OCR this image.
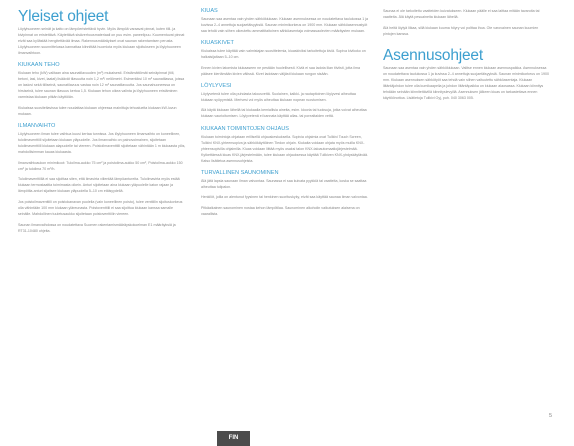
Yleiset ohjeet

Löylyhuoneen seinät ja katto on lämpöeristettävä hyvin. Myös lämpöä varaavat pinnat, kuten tiili- ja kivipinnat on eristettävä. Käytettävä sisäverhousmateriaali on puu esim. paneelipuu. Kuumentuvat pinnat eivät saa kyllästää hengitettävää ilmaa. Rakennusmääräykset ovat saunan rakentamisen perusta. Löylyhuoneen suunnittelussa kannattaa kiinnittää huomiota myös kiukaan sijoitukseen ja löylyhuoneen ilmanvaihtoon.

KIUKAAN TEHO

Kiukaan teho (kW) valitaan aina saunatilavuuden (m³) mukaisesti. Eristämättömät seinäpinnat (tiili, betoni, lasi, kivet, laatat) lisäävät tilavuutta noin 1,2 m³/ neliömetri. Esimerkiksi 10 m³ saunatilassa, joissa on lasiovi sekä tiiliseinä, saunatilavuus vastaa noin 12 m³ saunatilavuutta. Jos saunahuoneessa on hirsiseinä, tulee saunan tilavuus kertoa 1,5. Kiukaan tehon oikea valinta ja löylyhuoneen eristäminen varmistaa kiukaan pitkän käyttöiän.

Kiukaissa suositeltavissa tulee noudattaa kiukaan ohjeessa mainittuja tehoalueita kiukaan kW-luvun mukaan.

ILMANVAIHTO

Löylyhuoneen ilman tulee vaihtua kuusi kertaa tunnissa. Jos löylyhuoneen ilmanvaihto on koneellinen, tuloilmaventtiili sijoitetaan kiukaan yläpuolelle. Jos ilmanvaihto on painovoimainen, sijoitetaan tuloilmaventtiili kiukaan alapuolelle tai viereen. Poistoilmaventtiili sijoitetaan vähintään 1 m kiukaasta ylös, mahdollisimman kauas kiukaasta.

Ilmanvaihtoaukon minimikoot: Tuloilma-aukko 75 cm² ja poistoilma-aukko 50 cm², Poistoilma-aukko 150 cm² ja tuloilma 70 m³/h.

Tuloilmaventtiiliä ei saa sijoittaa siten, että ilmavirta viilentää lämpöantureita. Tuloilmavirta myös estää kiukaan termostaattia toimimasta oikein. Anturi sijoitetaan aina kiukaan yläpuolelle katon rajaan ja lämpötila-anturi sijaitsee kiukaan yläpuolella 5–10 cm etäisyydellä.

Jos poistoilmaventtiili on poistokanavan puolella (vain koneellinen poisto), tulee venttiilin sijoituskorkeus olla vähintään 100 mm kiukaan yläreunasta. Poistoventtiili ei saa sijoittua kiukaan kanssa samalle seinälle. Mahdollinen tuuletusaukko sijoitetaan poistoventtiilin viereen.

Saunan ilmanvaihdossa on noudatettava Suomen rakentamismääräyskokoelman E1 määräyksiä ja RT31-10480 ohjeita.

KIUAS

Saunaan saa asentaa vain yhden sähkökiukaan. Kiukaan asennuksessa on noudatettava taulukossa 1 ja kuvissa 2–4 annettuja suojaetäisyyksiä. Saunan minimikorkeus on 1900 mm. Kiukaan sähköasennustyöt saa tehdä vain siihen oikeutettu ammattitaitoinen sähköasentaja voimassaolevien määräysten mukaan.

KIUASKIVET

Kiukaissa tulee käyttää vain valmistajan suosittelemia, kiuaskiviksi tarkoitettuja kiviä. Sopiva kivikoko on halkaisijaltaan 5–10 cm.

Ennen kivien latomista kiukaaseen ne pestään huolellisesti. Kiviä ei saa ladota liian tiiviisti, jotta ilma pääsee kiertämään kivien välissä. Kivet ladotaan väljästi kiukaan rungon sisään.

LÖYLYVESI

Löylyvetenä tulee olla puhdasta talousvettä. Suolainen, kalkki- ja rautapitoinen löylyvesi aiheuttaa kiukaan syöpymistä. Merivesi voi myös aiheuttaa kiukaan nopean ruostumisen.

Älä käytä kiukaan lähellä tai kiukaalla kemiallisia aineita, esim. klooria tai tuoksuja, jotka voivat aiheuttaa kiukaan vaurioitumisen. Löylyvetenä ei kannata käyttää allas- tai porealtaiden vettä.

KIUKAAN TOIMINTOJEN OHJAUS

Kiukaan toimintoja ohjataan erillisellä ohjauskeskuksella. Sopivia ohjaimia ovat Tulikivi Touch Screen, Tulikivi KNX-yhteensopiva ja sähkökäyttöinen Tiedon ohjain. Kiukaita voidaan ohjata myös muilla KNX-yhteensopivilla ohjaimilla. Kiuas voidaan liittää myös osaksi talon KNX-taloautomaatiojärjestelmää. Kytkettäessä kiuas KNX-järjestelmään, tulee kiukaan ohjauksessa käyttää Tulikiven KNX-yhdyskäytävää. Katso lisätietoa asennusohjeista.

TURVALLINEN SAUNOMINEN

Älä jätä lapsia saunaan ilman valvontaa. Saunassa ei saa kuivata pyykkiä tai vaatteita, koska se saattaa aiheuttaa tulipalon.

Henkilöt, joilla on alentunut fyysinen tai henkinen suorituskyky, eivät saa käyttää saunaa ilman valvontaa.

Pitkäaikainen saunominen nostaa kehon lämpötilaa. Saunominen alkoholin vaikutuksen alaisena on vaarallista.

Saunaa ei ole tarkoitettu vaatteiden kuivatukseen. Kiukaan päälle ei saa laittaa mitään tavaroita tai vaatteita. Älä käytä pesuaineita kiukaan lähellä.

Älä heitä löylyä liikaa, sillä kiukaan kuuma höyry voi polttaa ihoa. Ole varovainen saunan kuumien pintojen kanssa.

Asennusohjeet

Saunaan saa asentaa vain yhden sähkökiukaan. Valitse ennen kiukaan asennuspaikka. Asennuksessa on noudatettava taulukossa 1 ja kuvissa 2–4 annettuja suojaetäisyyksiä. Saunan minimikorkeus on 1900 mm. Kiukaan asennuksen sähkötyöt saa tehdä vain siihen valtuutettu sähköasentaja. Kiukaan liitäntäjohdon tulee olla kumikaapelia ja johdon liitäntäpaikka on kiukaan alaosassa. Kiukaan kiinnitys tehdään seinään kiinnitettävillä kiinnityslevyillä. Asennuksen jälkeen kiuas on tarkastettava ennen käyttöönottoa. Lisätietoja Tulikivi Oyj, puh. 040 3063 005.

5
FIN
